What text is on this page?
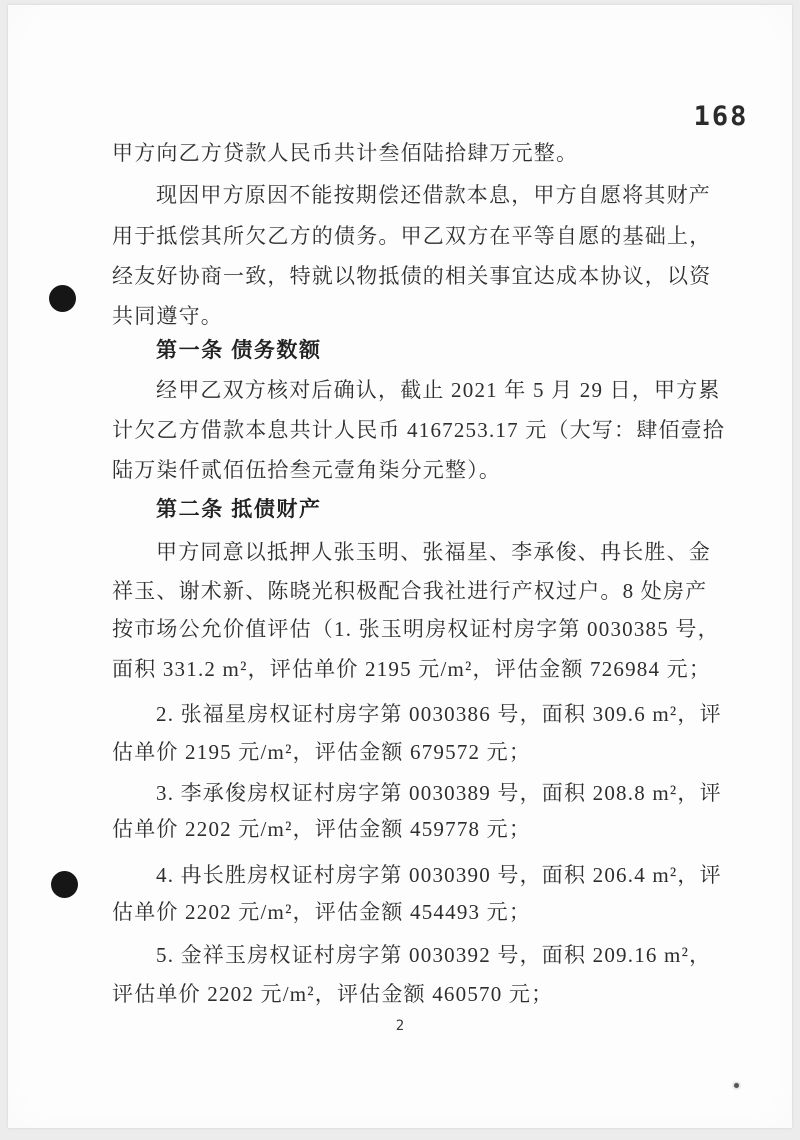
168
甲方向乙方贷款人民币共计叁佰陆拾肆万元整。
现因甲方原因不能按期偿还借款本息，甲方自愿将其财产
用于抵偿其所欠乙方的债务。甲乙双方在平等自愿的基础上，
经友好协商一致，特就以物抵债的相关事宜达成本协议，以资
共同遵守。
第一条 债务数额
经甲乙双方核对后确认，截止 2021 年 5 月 29 日，甲方累
计欠乙方借款本息共计人民币 4167253.17 元（大写：肆佰壹拾
陆万柒仟贰佰伍拾叁元壹角柒分元整）。
第二条 抵债财产
甲方同意以抵押人张玉明、张福星、李承俊、冉长胜、金
祥玉、谢术新、陈晓光积极配合我社进行产权过户。8 处房产
按市场公允价值评估（1. 张玉明房权证村房字第 0030385 号，
面积 331.2 m²，评估单价 2195 元/m²，评估金额 726984 元；
2. 张福星房权证村房字第 0030386 号，面积 309.6 m²，评
估单价 2195 元/m²，评估金额 679572 元；
3. 李承俊房权证村房字第 0030389 号，面积 208.8 m²，评
估单价 2202 元/m²，评估金额 459778 元；
4. 冉长胜房权证村房字第 0030390 号，面积 206.4 m²，评
估单价 2202 元/m²，评估金额 454493 元；
5. 金祥玉房权证村房字第 0030392 号，面积 209.16 m²，
评估单价 2202 元/m²，评估金额 460570 元；
2
